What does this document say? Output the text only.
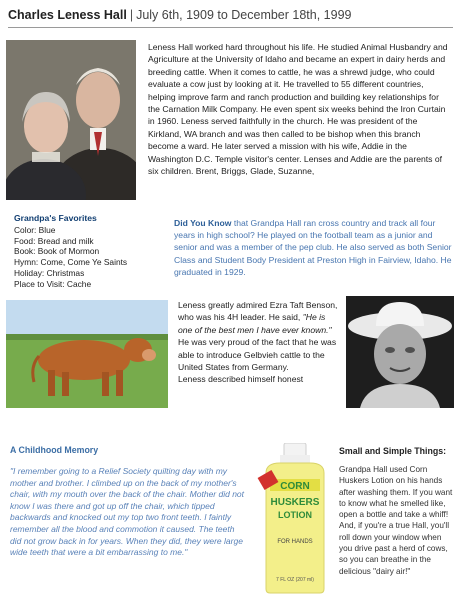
Charles Leness Hall | July 6th, 1909 to December 18th, 1999
Leness Hall worked hard throughout his life. He studied Animal Husbandry and Agriculture at the University of Idaho and became an expert in dairy herds and breeding cattle. When it comes to cattle, he was a shrewd judge, who could evaluate a cow just by looking at it. He travelled to 55 different countries, helping improve farm and ranch production and building key relationships for the Carnation Milk Company. He even spent six weeks behind the Iron Curtain in 1960. Leness served faithfully in the church. He was president of the Kirkland, WA branch and was then called to be bishop when this branch become a ward. He later served a mission with his wife, Addie in the Washington D.C. Temple visitor's center. Lenses and Addie are the parents of six children. Brent, Briggs, Glade, Suzanne,
Grandpa's Favorites
Color: Blue
Food: Bread and milk
Book: Book of Mormon
Hymn: Come, Come Ye Saints
Holiday: Christmas
Place to Visit: Cache
Did You Know that Grandpa Hall ran cross country and track all four years in high school? He played on the football team as a junior and senior and was a member of the pep club. He also served as both Senior Class and Student Body President at Preston High in Fairview, Idaho. He graduated in 1929.
Leness greatly admired Ezra Taft Benson, who was his 4H leader. He said, "He is one of the best men I have ever known."
He was very proud of the fact that he was able to introduce Gelbvieh cattle to the United States from Germany.
Leness described himself honest
A Childhood Memory
"I remember going to a Relief Society quilting day with my mother and brother. I climbed up on the back of my mother's chair, with my mouth over the back of the chair. Mother did not know I was there and got up off the chair, which tipped backwards and knocked out my top two front teeth. I faintly remember all the blood and commotion it caused. The teeth did not grow back in for years. When they did, they were large wide teeth that were a bit embarrassing to me."
CORN
HUSKERS
LOTION
FOR HANDS
7 FL OZ (207 ml)
Small and Simple Things:
Grandpa Hall used Corn Huskers Lotion on his hands after washing them. If you want to know what he smelled like, open a bottle and take a whiff! And, if you're a true Hall, you'll roll down your window when you drive past a herd of cows, so you can breathe in the delicious "dairy air!"
